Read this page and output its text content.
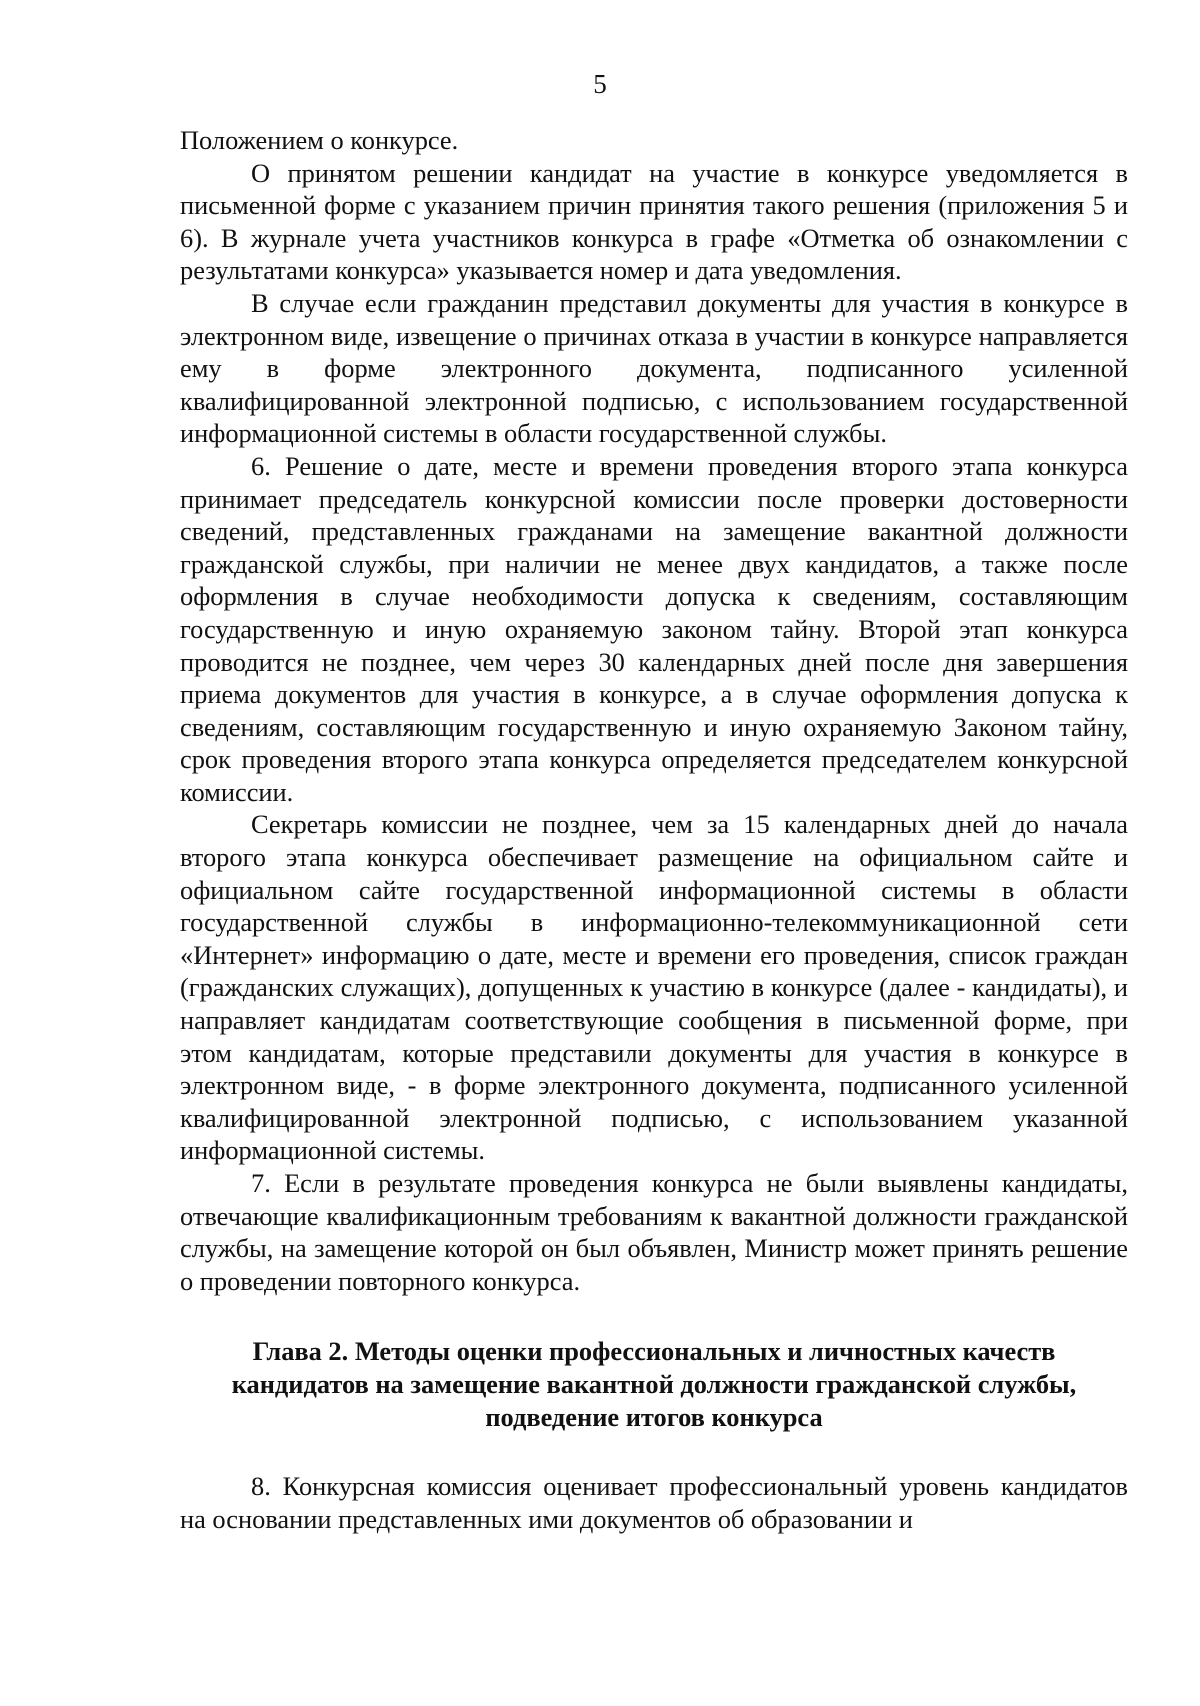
5

Положением о конкурсе.

О принятом решении кандидат на участие в конкурсе уведомляется в письменной форме с указанием причин принятия такого решения (приложения 5 и 6). В журнале учета участников конкурса в графе «Отметка об ознакомлении с результатами конкурса» указывается номер и дата уведомления.

В случае если гражданин представил документы для участия в конкурсе в электронном виде, извещение о причинах отказа в участии в конкурсе направляется ему в форме электронного документа, подписанного усиленной квалифицированной электронной подписью, с использованием государственной информационной системы в области государственной службы.

6. Решение о дате, месте и времени проведения второго этапа конкурса принимает председатель конкурсной комиссии после проверки достоверности сведений, представленных гражданами на замещение вакантной должности гражданской службы, при наличии не менее двух кандидатов, а также после оформления в случае необходимости допуска к сведениям, составляющим государственную и иную охраняемую законом тайну. Второй этап конкурса проводится не позднее, чем через 30 календарных дней после дня завершения приема документов для участия в конкурсе, а в случае оформления допуска к сведениям, составляющим государственную и иную охраняемую Законом тайну, срок проведения второго этапа конкурса определяется председателем конкурсной комиссии.

Секретарь комиссии не позднее, чем за 15 календарных дней до начала второго этапа конкурса обеспечивает размещение на официальном сайте и официальном сайте государственной информационной системы в области государственной службы в информационно-телекоммуникационной сети «Интернет» информацию о дате, месте и времени его проведения, список граждан (гражданских служащих), допущенных к участию в конкурсе (далее - кандидаты), и направляет кандидатам соответствующие сообщения в письменной форме, при этом кандидатам, которые представили документы для участия в конкурсе в электронном виде, - в форме электронного документа, подписанного усиленной квалифицированной электронной подписью, с использованием указанной информационной системы.

7. Если в результате проведения конкурса не были выявлены кандидаты, отвечающие квалификационным требованиям к вакантной должности гражданской службы, на замещение которой он был объявлен, Министр может принять решение о проведении повторного конкурса.

Глава 2. Методы оценки профессиональных и личностных качеств
кандидатов на замещение вакантной должности гражданской службы,
подведение итогов конкурса

8. Конкурсная комиссия оценивает профессиональный уровень кандидатов на основании представленных ими документов об образовании и
